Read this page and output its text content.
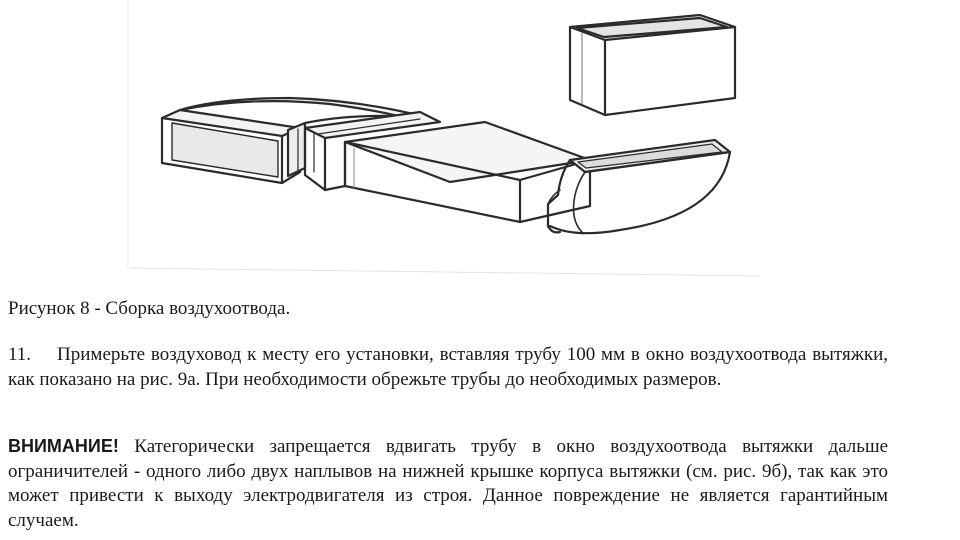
Рисунок 8 - Сборка воздухоотвода.

11. Примерьте воздуховод к месту его установки, вставляя трубу 100 мм в окно воздухоотвода вытяжки, как показано на рис. 9а. При необходимости обрежьте трубы до необходимых размеров.

ВНИМАНИЕ! Категорически запрещается вдвигать трубу в окно воздухоотвода вытяжки дальше ограничителей - одного либо двух наплывов на нижней крышке корпуса вытяжки (см. рис. 9б), так как это может привести к выходу электродвигателя из строя. Данное повреждение не является гарантийным случаем.
